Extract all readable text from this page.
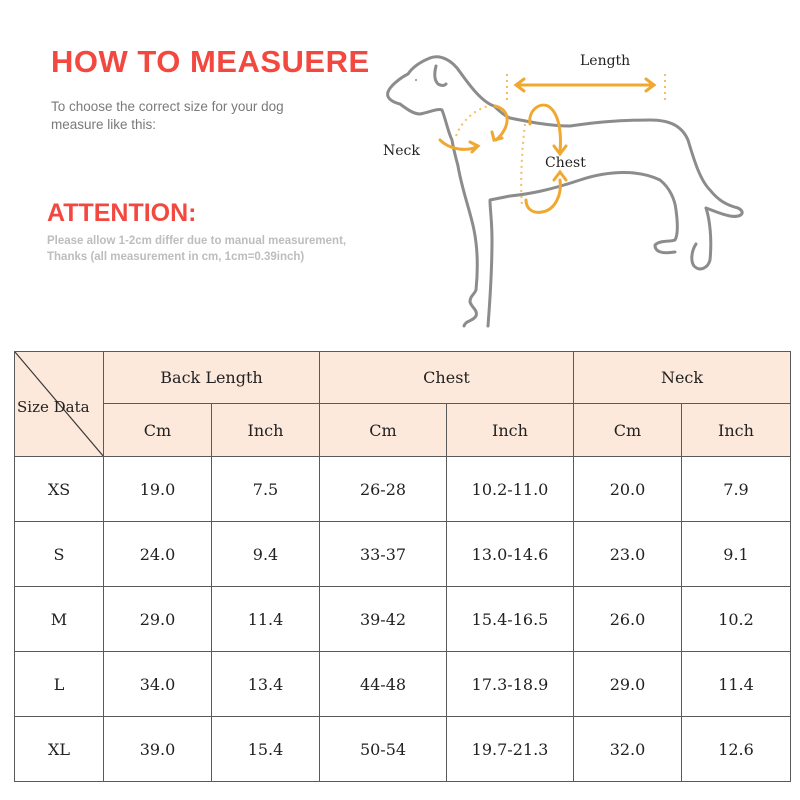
HOW TO MEASUERE
To choose the correct size for your dog
measure like this:
ATTENTION:
Please allow 1-2cm differ due to manual measurement,
Thanks (all measurement in cm, 1cm=0.39inch)
Length
Neck
Chest
Size Data	Back Length		Chest		Neck	
	Cm	Inch	Cm	Inch	Cm	Inch
XS	19.0	7.5	26-28	10.2-11.0	20.0	7.9
S	24.0	9.4	33-37	13.0-14.6	23.0	9.1
M	29.0	11.4	39-42	15.4-16.5	26.0	10.2
L	34.0	13.4	44-48	17.3-18.9	29.0	11.4
XL	39.0	15.4	50-54	19.7-21.3	32.0	12.6
